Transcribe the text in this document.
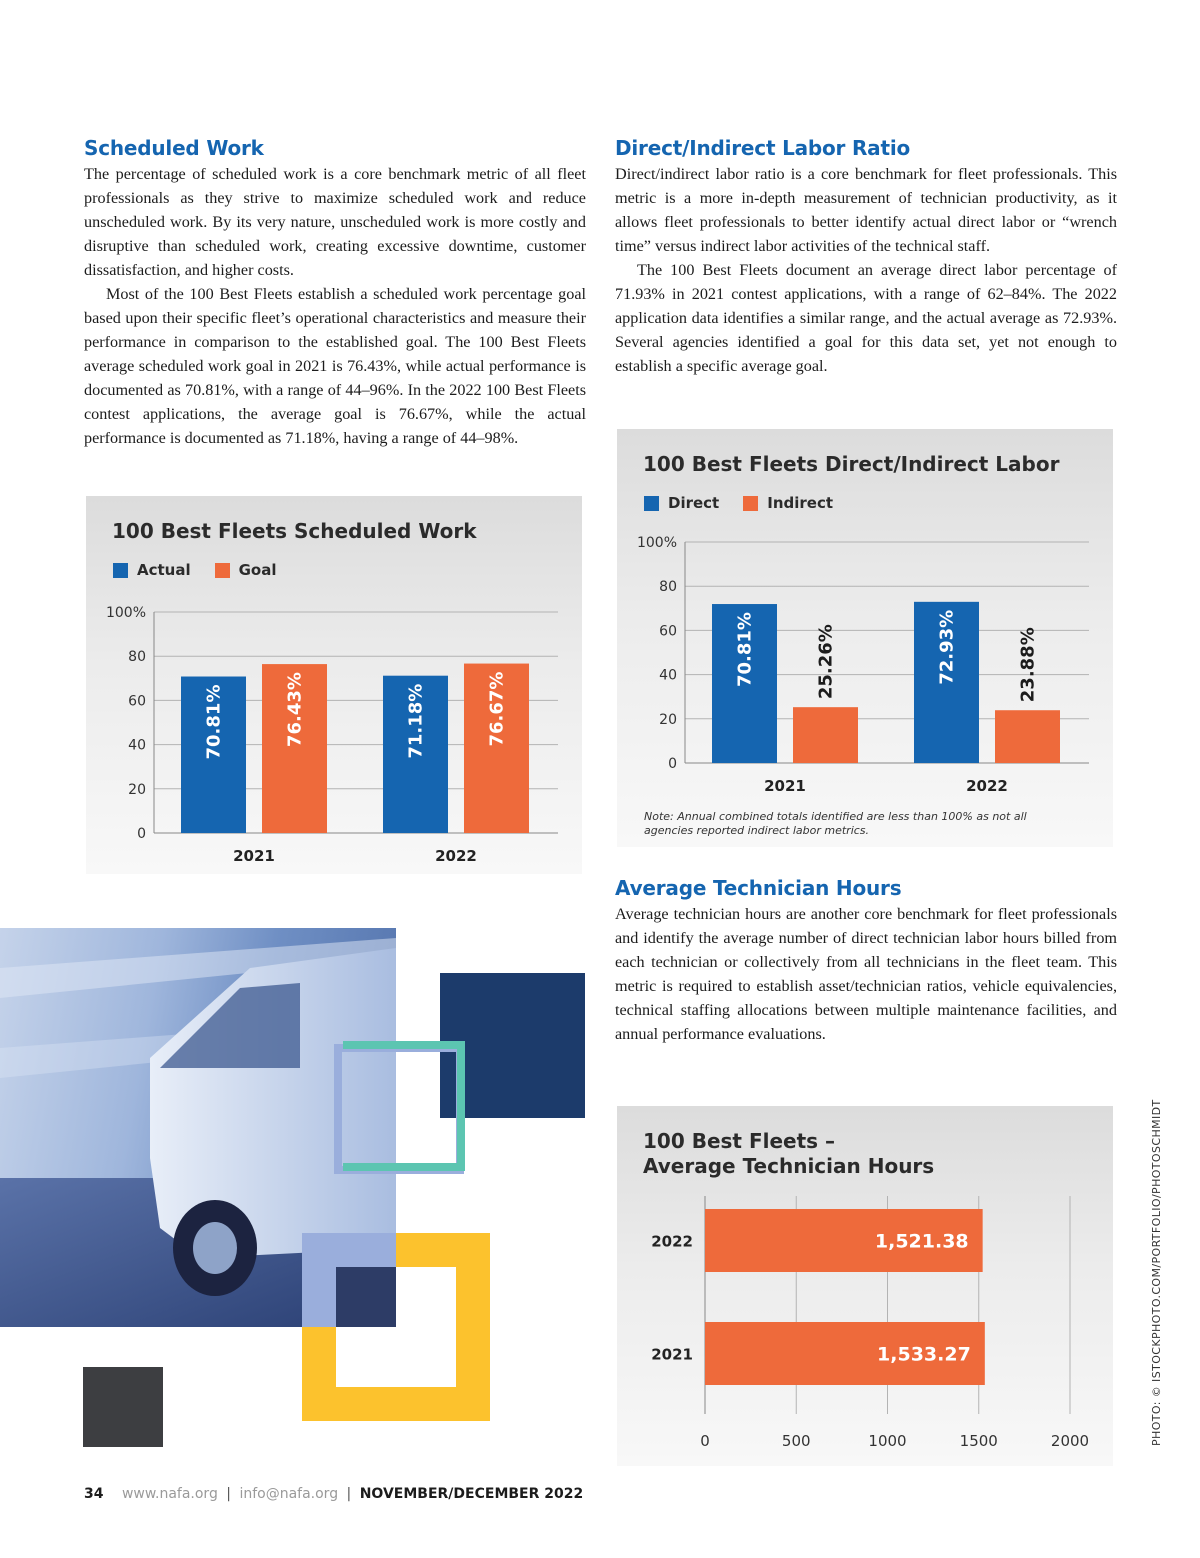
Scheduled Work

The percentage of scheduled work is a core benchmark metric of all fleet professionals as they strive to maximize scheduled work and reduce unscheduled work. By its very nature, unscheduled work is more costly and disruptive than scheduled work, creating excessive downtime, customer dissatisfaction, and higher costs.

Most of the 100 Best Fleets establish a scheduled work percentage goal based upon their specific fleet’s operational characteristics and measure their performance in comparison to the established goal. The 100 Best Fleets average scheduled work goal in 2021 is 76.43%, while actual performance is documented as 70.81%, with a range of 44–96%. In the 2022 100 Best Fleets contest applications, the average goal is 76.67%, while the actual performance is documented as 71.18%, having a range of 44–98%.

Direct/Indirect Labor Ratio

Direct/indirect labor ratio is a core benchmark for fleet professionals. This metric is a more in-depth measurement of technician productivity, as it allows fleet professionals to better identify actual direct labor or “wrench time” versus indirect labor activities of the technical staff.

The 100 Best Fleets document an average direct labor percentage of 71.93% in 2021 contest applications, with a range of 62–84%. The 2022 application data identifies a similar range, and the actual average as 72.93%. Several agencies identified a goal for this data set, yet not enough to establish a specific average goal.

Average Technician Hours

Average technician hours are another core benchmark for fleet professionals and identify the average number of direct technician labor hours billed from each technician or collectively from all technicians in the fleet team. This metric is required to establish asset/technician ratios, vehicle equivalencies, technical staffing allocations between multiple maintenance facilities, and annual performance evaluations.

100 Best Fleets Scheduled Work
Actual	Goal
0
20
40
60
80
100%
70.81%	76.43%
2021
71.18%	76.67%
2022
100 Best Fleets Direct/Indirect Labor
Direct	Indirect
0
20
40
60
80
100%
70.81%	25.26%
2021
72.93%	23.88%
2022
Note: Annual combined totals identified are less than 100% as not all agencies reported indirect labor metrics.
100 Best Fleets –
Average Technician Hours
0	500	1000	1500	2000
1,521.38
2022
1,533.27
2021
34 www.nafa.org | info@nafa.org | NOVEMBER/DECEMBER 2022
PHOTO: © ISTOCKPHOTO.COM/PORTFOLIO/PHOTOSCHMIDT
